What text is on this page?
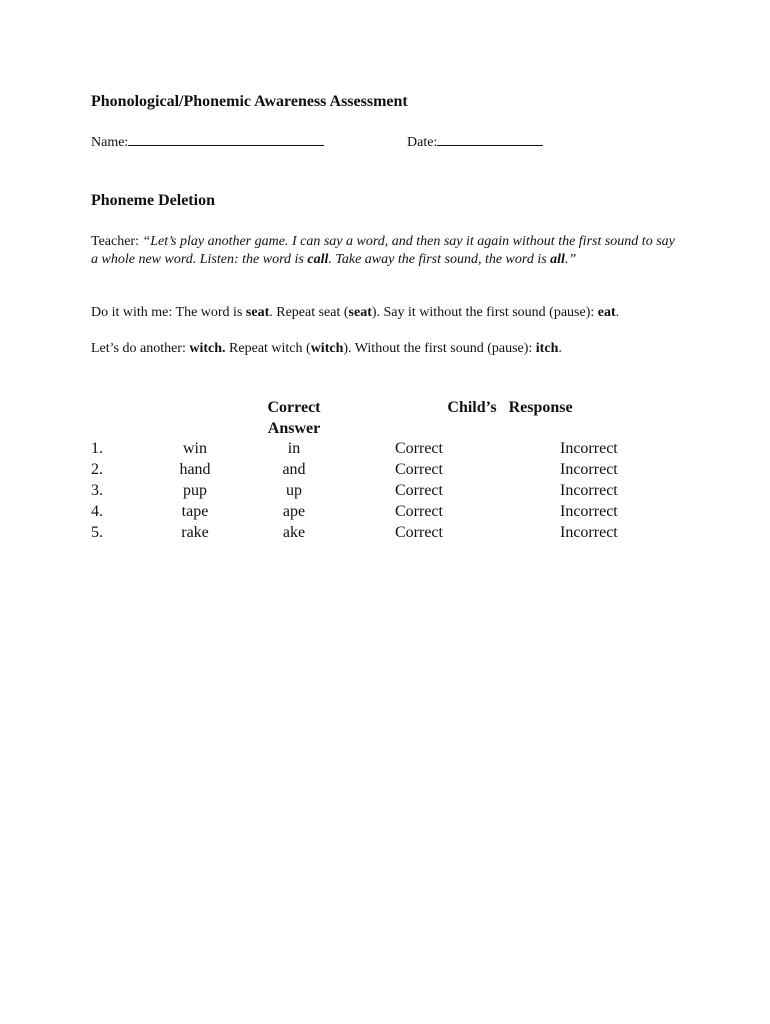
Phonological/Phonemic Awareness Assessment
Name:	Date:
Phoneme Deletion

Teacher: “Let’s play another game. I can say a word, and then say it again without the first sound to say a whole new word. Listen: the word is call. Take away the first sound, the word is all.”

Do it with me: The word is seat. Repeat seat (seat). Say it without the first sound (pause): eat.

Let’s do another: witch. Repeat witch (witch). Without the first sound (pause): itch.

Correct
Answer
Child’s   Response
1.	win	in	Correct	Incorrect
2.	hand	and	Correct	Incorrect
3.	pup	up	Correct	Incorrect
4.	tape	ape	Correct	Incorrect
5.	rake	ake	Correct	Incorrect
